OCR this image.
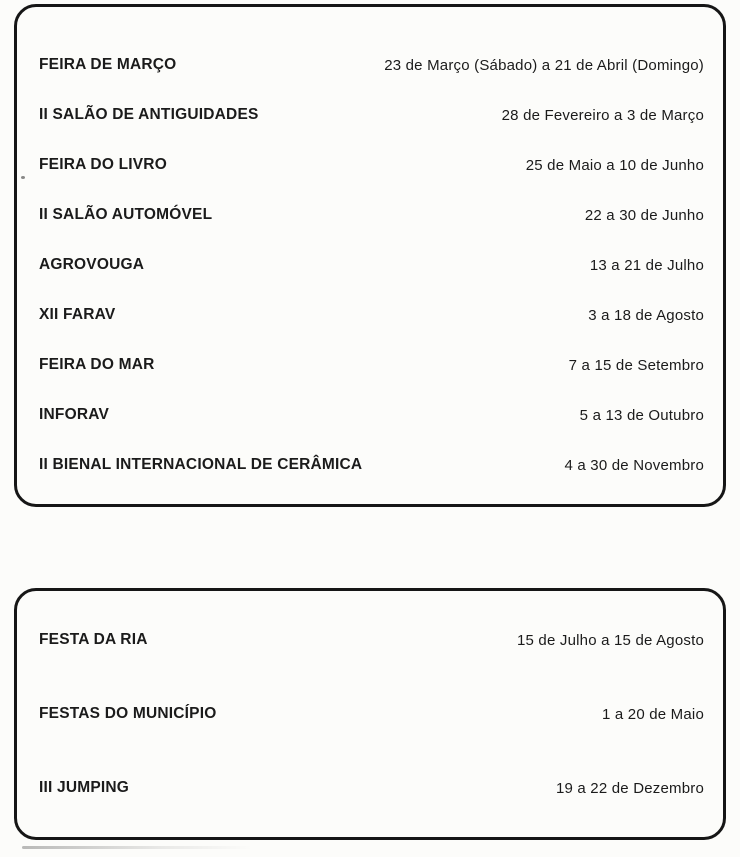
FEIRA DE MARÇO	23 de Março (Sábado) a 21 de Abril (Domingo)
II SALÃO DE ANTIGUIDADES	28 de Fevereiro a 3 de Março
FEIRA DO LIVRO	25 de Maio a 10 de Junho
II SALÃO AUTOMÓVEL	22 a 30 de Junho
AGROVOUGA	13 a 21 de Julho
XII FARAV	3 a 18 de Agosto
FEIRA DO MAR	7 a 15 de Setembro
INFORAV	5 a 13 de Outubro
II BIENAL INTERNACIONAL DE CERÂMICA	4 a 30 de Novembro
FESTA DA RIA	15 de Julho a 15 de Agosto
FESTAS DO MUNICÍPIO	1 a 20 de Maio
III JUMPING	19 a 22 de Dezembro
